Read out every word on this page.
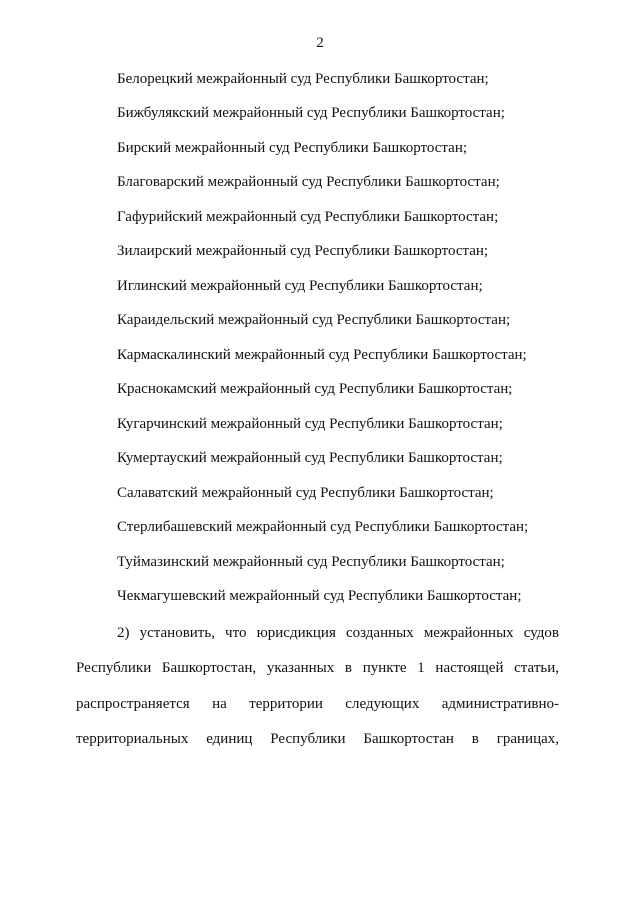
2
Белорецкий межрайонный суд Республики Башкортостан;
Бижбулякский межрайонный суд Республики Башкортостан;
Бирский межрайонный суд Республики Башкортостан;
Благоварский межрайонный суд Республики Башкортостан;
Гафурийский межрайонный суд Республики Башкортостан;
Зилаирский межрайонный суд Республики Башкортостан;
Иглинский межрайонный суд Республики Башкортостан;
Караидельский межрайонный суд Республики Башкортостан;
Кармаскалинский межрайонный суд Республики Башкортостан;
Краснокамский межрайонный суд Республики Башкортостан;
Кугарчинский межрайонный суд Республики Башкортостан;
Кумертауский межрайонный суд Республики Башкортостан;
Салаватский межрайонный суд Республики Башкортостан;
Стерлибашевский межрайонный суд Республики Башкортостан;
Туймазинский межрайонный суд Республики Башкортостан;
Чекмагушевский межрайонный суд Республики Башкортостан;
2) установить, что юрисдикция созданных межрайонных судов
Республики Башкортостан, указанных в пункте 1 настоящей статьи,
распространяется на территории следующих административно-
территориальных единиц Республики Башкортостан в границах,
